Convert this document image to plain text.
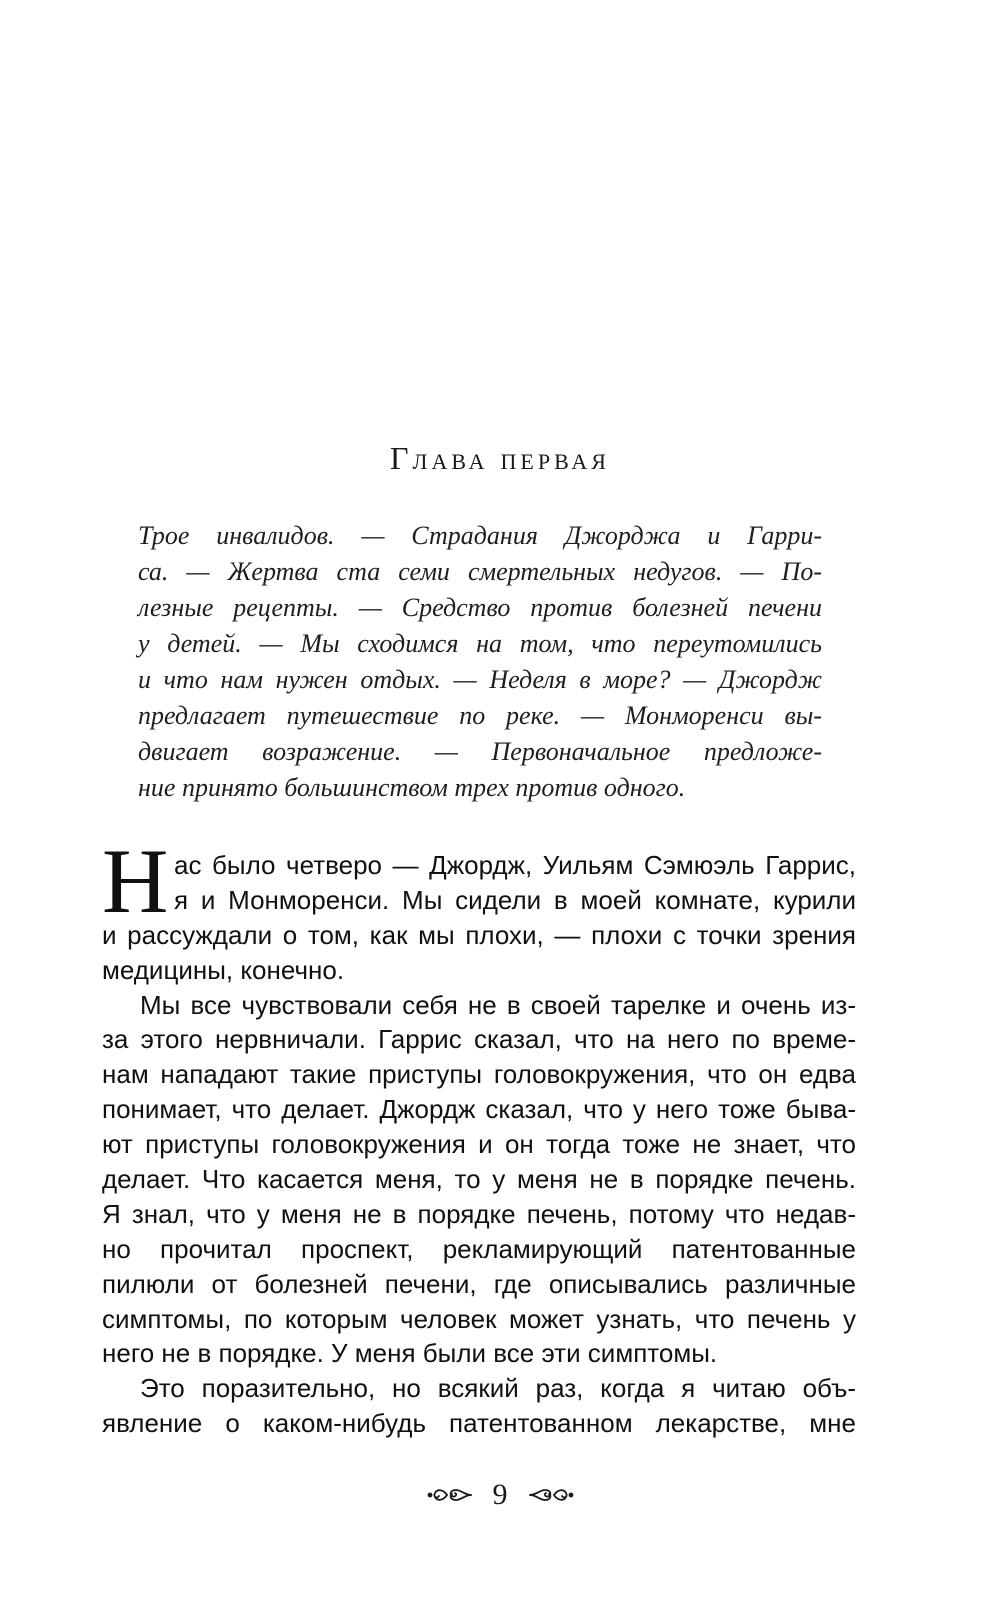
Глава первая
Трое инвалидов. — Страдания Джорджа и Гарри-
са. — Жертва ста семи смертельных недугов. — По-
лезные рецепты. — Средство против болезней печени
у детей. — Мы сходимся на том, что переутомились
и что нам нужен отдых. — Неделя в море? — Джордж
предлагает путешествие по реке. — Монморенси вы-
двигает возражение. — Первоначальное предложе-
ние принято большинством трех против одного.
Н ас было четверо — Джордж, Уильям Сэмюэль Гаррис,
я и Монморенси. Мы сидели в моей комнате, курили
и рассуждали о том, как мы плохи, — плохи с точки зрения
медицины, конечно.
Мы все чувствовали себя не в своей тарелке и очень из-
за этого нервничали. Гаррис сказал, что на него по време-
нам нападают такие приступы головокружения, что он едва
понимает, что делает. Джордж сказал, что у него тоже быва-
ют приступы головокружения и он тогда тоже не знает, что
делает. Что касается меня, то у меня не в порядке печень.
Я знал, что у меня не в порядке печень, потому что недав-
но прочитал проспект, рекламирующий патентованные
пилюли от болезней печени, где описывались различные
симптомы, по которым человек может узнать, что печень у
него не в порядке. У меня были все эти симптомы.
Это поразительно, но всякий раз, когда я читаю объ-
явление о каком-нибудь патентованном лекарстве, мне
9
